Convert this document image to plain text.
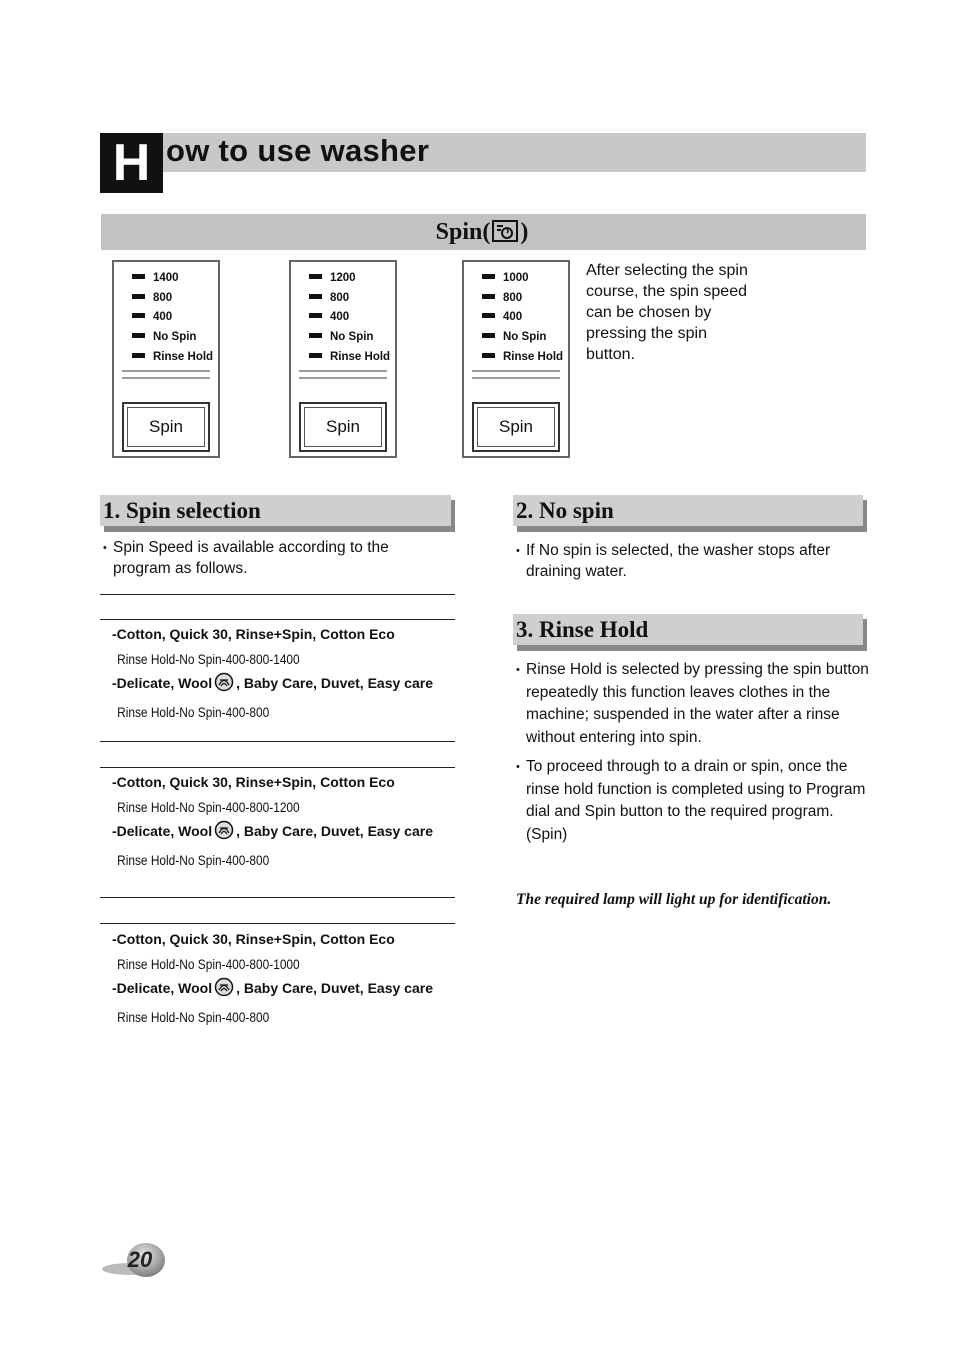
H ow to use washer
Spin( )
1400
800
400
No Spin
Rinse Hold
Spin
1200
800
400
No Spin
Rinse Hold
Spin
1000
800
400
No Spin
Rinse Hold
Spin
After selecting the spin course, the spin speed can be chosen by pressing the spin button.
1. Spin selection
• Spin Speed is available according to the program as follows.
-Cotton, Quick 30, Rinse+Spin, Cotton Eco
Rinse Hold-No Spin-400-800-1400
-Delicate, Wool , Baby Care, Duvet, Easy care
Rinse Hold-No Spin-400-800
-Cotton, Quick 30, Rinse+Spin, Cotton Eco
Rinse Hold-No Spin-400-800-1200
-Delicate, Wool , Baby Care, Duvet, Easy care
Rinse Hold-No Spin-400-800
-Cotton, Quick 30, Rinse+Spin, Cotton Eco
Rinse Hold-No Spin-400-800-1000
-Delicate, Wool , Baby Care, Duvet, Easy care
Rinse Hold-No Spin-400-800
2. No spin
• If No spin is selected, the washer stops after draining water.
3. Rinse Hold
• Rinse Hold is selected by pressing the spin button repeatedly this function leaves clothes in the machine; suspended in the water after a rinse without entering into spin.
• To proceed through to a drain or spin, once the rinse hold function is completed using to Program dial and Spin button to the required program.
(Spin)
The required lamp will light up for identification.
20
